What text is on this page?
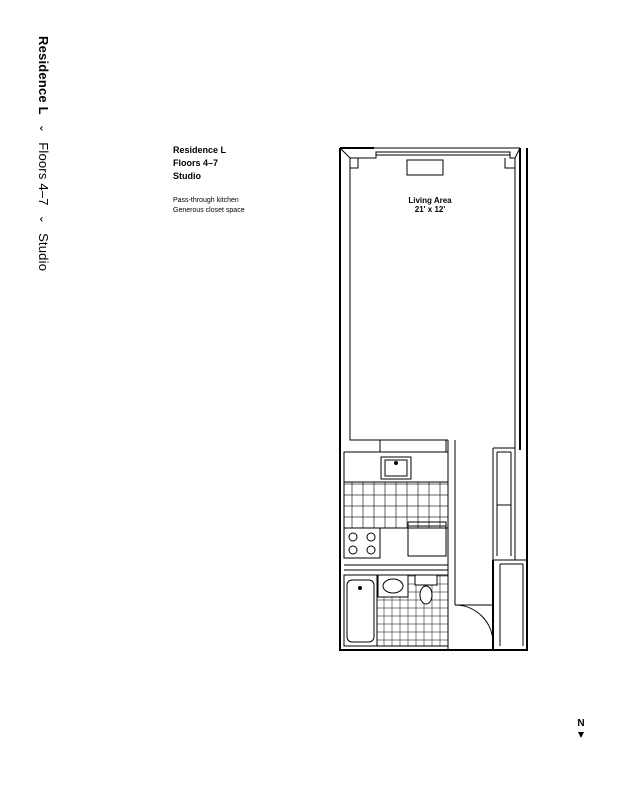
Residence L
⌄
Floors 4–7
⌄
Studio
Residence L
Floors 4–7
Studio
Pass-through kitchen
Generous closet space
Living Area
21' x 12'
N
